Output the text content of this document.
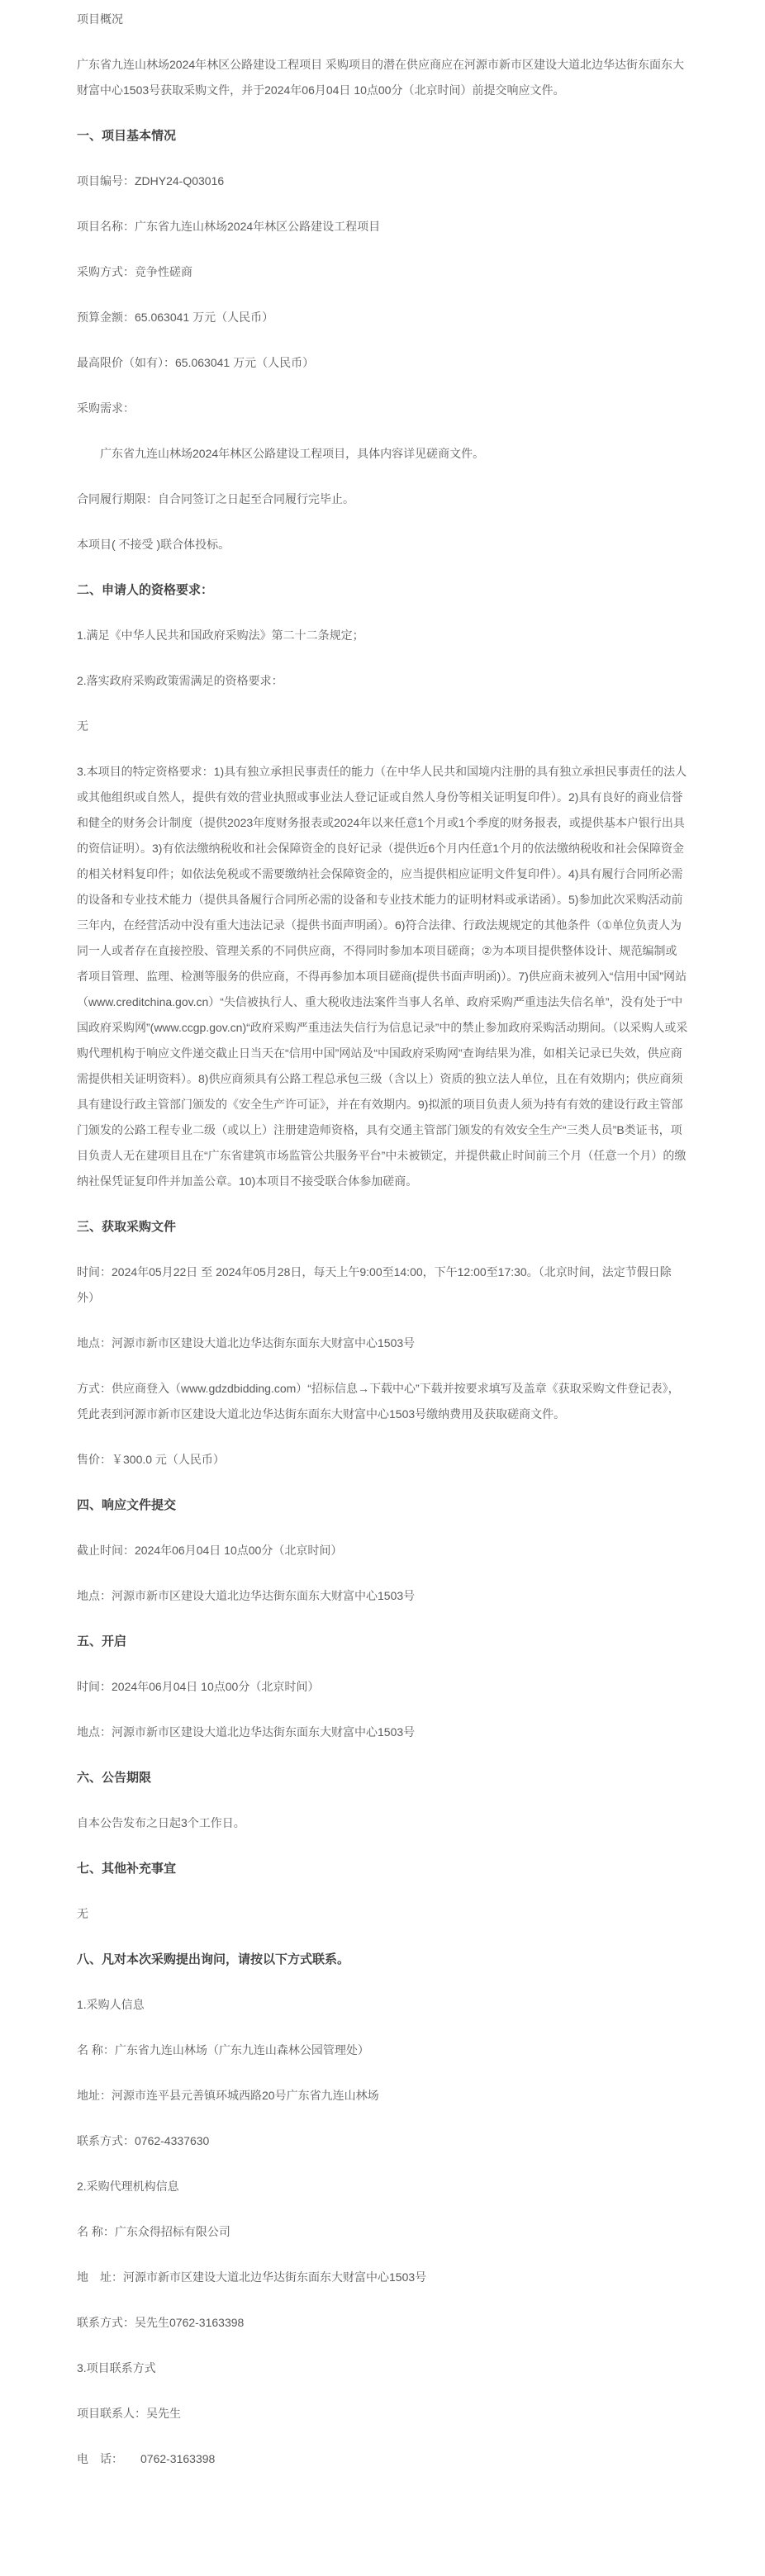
项目概况

广东省九连山林场2024年林区公路建设工程项目 采购项目的潜在供应商应在河源市新市区建设大道北边华达街东面东大财富中心1503号获取采购文件，并于2024年06月04日 10点00分（北京时间）前提交响应文件。

一、项目基本情况

项目编号：ZDHY24-Q03016

项目名称：广东省九连山林场2024年林区公路建设工程项目

采购方式：竞争性磋商

预算金额：65.063041 万元（人民币）

最高限价（如有）：65.063041 万元（人民币）

采购需求：

广东省九连山林场2024年林区公路建设工程项目，具体内容详见磋商文件。

合同履行期限：自合同签订之日起至合同履行完毕止。

本项目( 不接受 )联合体投标。

二、申请人的资格要求：

1.满足《中华人民共和国政府采购法》第二十二条规定；

2.落实政府采购政策需满足的资格要求：

无

3.本项目的特定资格要求：1)具有独立承担民事责任的能力（在中华人民共和国境内注册的具有独立承担民事责任的法人或其他组织或自然人，提供有效的营业执照或事业法人登记证或自然人身份等相关证明复印件）。2)具有良好的商业信誉和健全的财务会计制度（提供2023年度财务报表或2024年以来任意1个月或1个季度的财务报表，或提供基本户银行出具的资信证明）。3)有依法缴纳税收和社会保障资金的良好记录（提供近6个月内任意1个月的依法缴纳税收和社会保障资金的相关材料复印件；如依法免税或不需要缴纳社会保障资金的，应当提供相应证明文件复印件）。4)具有履行合同所必需的设备和专业技术能力（提供具备履行合同所必需的设备和专业技术能力的证明材料或承诺函）。5)参加此次采购活动前三年内，在经营活动中没有重大违法记录（提供书面声明函）。6)符合法律、行政法规规定的其他条件（①单位负责人为同一人或者存在直接控股、管理关系的不同供应商，不得同时参加本项目磋商；②为本项目提供整体设计、规范编制或者项目管理、监理、检测等服务的供应商，不得再参加本项目磋商(提供书面声明函)）。7)供应商未被列入“信用中国”网站（www.creditchina.gov.cn）“失信被执行人、重大税收违法案件当事人名单、政府采购严重违法失信名单”，没有处于“中国政府采购网”(www.ccgp.gov.cn)“政府采购严重违法失信行为信息记录”中的禁止参加政府采购活动期间。（以采购人或采购代理机构于响应文件递交截止日当天在“信用中国”网站及“中国政府采购网”查询结果为准，如相关记录已失效，供应商需提供相关证明资料）。8)供应商须具有公路工程总承包三级（含以上）资质的独立法人单位，且在有效期内；供应商须具有建设行政主管部门颁发的《安全生产许可证》，并在有效期内。9)拟派的项目负责人须为持有有效的建设行政主管部门颁发的公路工程专业二级（或以上）注册建造师资格，具有交通主管部门颁发的有效安全生产“三类人员”B类证书，项目负责人无在建项目且在“广东省建筑市场监管公共服务平台”中未被锁定，并提供截止时间前三个月（任意一个月）的缴纳社保凭证复印件并加盖公章。10)本项目不接受联合体参加磋商。

三、获取采购文件

时间：2024年05月22日 至 2024年05月28日，每天上午9:00至14:00，下午12:00至17:30。（北京时间，法定节假日除外）

地点：河源市新市区建设大道北边华达街东面东大财富中心1503号

方式：供应商登入（www.gdzdbidding.com）“招标信息→下载中心”下载并按要求填写及盖章《获取采购文件登记表》，凭此表到河源市新市区建设大道北边华达街东面东大财富中心1503号缴纳费用及获取磋商文件。

售价：￥300.0 元（人民币）

四、响应文件提交

截止时间：2024年06月04日 10点00分（北京时间）

地点：河源市新市区建设大道北边华达街东面东大财富中心1503号

五、开启

时间：2024年06月04日 10点00分（北京时间）

地点：河源市新市区建设大道北边华达街东面东大财富中心1503号

六、公告期限

自本公告发布之日起3个工作日。

七、其他补充事宜

无

八、凡对本次采购提出询问，请按以下方式联系。

1.采购人信息

名 称：广东省九连山林场（广东九连山森林公园管理处）

地址：河源市连平县元善镇环城西路20号广东省九连山林场

联系方式：0762-4337630

2.采购代理机构信息

名 称：广东众得招标有限公司

地　址：河源市新市区建设大道北边华达街东面东大财富中心1503号

联系方式：吴先生0762-3163398

3.项目联系方式

项目联系人：吴先生

电　话：　　0762-3163398
